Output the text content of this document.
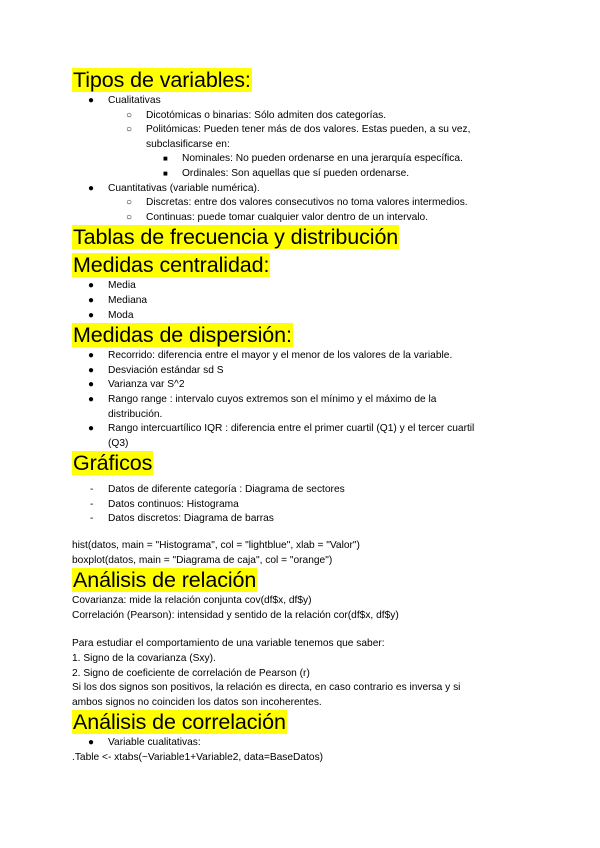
Tipos de variables:
● Cualitativas
○ Dicotómicas o binarias: Sólo admiten dos categorías.
○ Politómicas: Pueden tener más de dos valores. Estas pueden, a su vez,
subclasificarse en:
■ Nominales: No pueden ordenarse en una jerarquía específica.
■ Ordinales: Son aquellas que sí pueden ordenarse.
● Cuantitativas (variable numérica).
○ Discretas: entre dos valores consecutivos no toma valores intermedios.
○ Continuas: puede tomar cualquier valor dentro de un intervalo.
Tablas de frecuencia y distribución
Medidas centralidad:
● Media
● Mediana
● Moda
Medidas de dispersión:
● Recorrido: diferencia entre el mayor y el menor de los valores de la variable.
● Desviación estándar sd S
● Varianza var S^2
● Rango range : intervalo cuyos extremos son el mínimo y el máximo de la
distribución.
● Rango intercuartílico IQR : diferencia entre el primer cuartil (Q1) y el tercer cuartil
(Q3)
Gráficos
- Datos de diferente categoría : Diagrama de sectores
- Datos continuos: Histograma
- Datos discretos: Diagrama de barras
hist(datos, main = "Histograma", col = "lightblue", xlab = "Valor")
boxplot(datos, main = "Diagrama de caja", col = "orange")
Análisis de relación
Covarianza: mide la relación conjunta cov(df$x, df$y)
Correlación (Pearson): intensidad y sentido de la relación cor(df$x, df$y)
Para estudiar el comportamiento de una variable tenemos que saber:
1. Signo de la covarianza (Sxy).
2. Signo de coeficiente de correlación de Pearson (r)
Si los dos signos son positivos, la relación es directa, en caso contrario es inversa y si
ambos signos no coinciden los datos son incoherentes.
Análisis de correlación
● Variable cualitativas:
.Table <- xtabs(~Variable1+Variable2, data=BaseDatos)
